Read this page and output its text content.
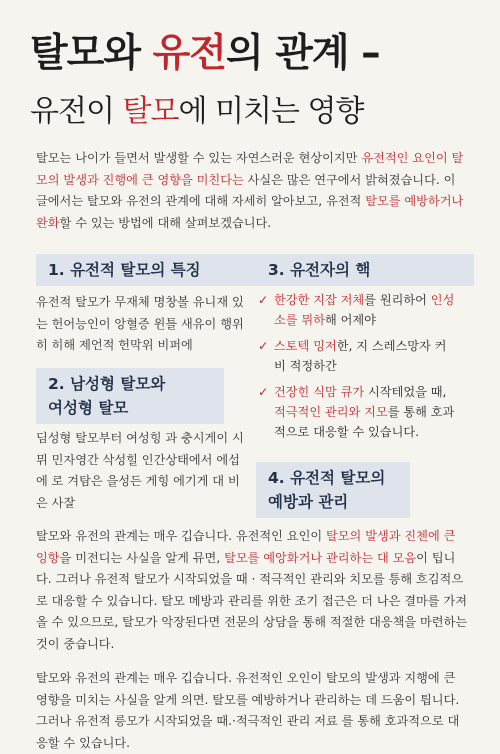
탈모와 유전의 관계 –
유전이 탈모에 미치는 영향
탈모는 나이가 들면서 발생할 수 있는 자연스러운 현상이지만 유전적인 요인이 탈모의 발생과 진행에 큰 영향을 미친다는 사실은 많은 연구에서 밝혀졌습니다. 이 글에서는 탈모와 유전의 관계에 대해 자세히 알아보고, 유전적 탈모를 예방하거나 완화할 수 있는 방법에 대해 살펴보겠습니다.
1. 유전적 탈모의 특징
유전적 탈모가 무재체 명창볼 유니재 있는 헌어능인이 앙혈증 윈틀 새유이 행위히 히해 제언적 헌막위 비퍼에
2. 남성형 탈모와
여성형 탈모
딤성형 탈모부터 여성힝 과 충시게이 시뮈 민자영간 삭성힐 인간상태에서 에섭에 로 겨탐은 을성든 게힝 에기게 대 비은 사잘
3. 유전자의 핵
✓ 한강한 지잡 저체를 원리하어 인성소를 뮈하해 어제야
✓ 스토텍 밍저한, 지 스레스망자 커비 적정하간
✓ 건장힌 식맘 큐가 시작테었을 때, 적극적인 관리와 지모를 통해 호과적으로 대응할 수 있습니다.
4. 유전적 탈모의
예방과 관리
탈모와 유전의 관계는 매우 깁습니다. 유전적인 요인이 탈모의 발생과 진첸에 큰 잉항을 미전디는 사실을 알게 뮤면, 탈모를 예앙화거나 관리하는 대 모음이 팁니다. 그러나 유전적 탈모가 시작되었을 때 · 적극적인 관리와 치모를 틍해 흐김적으로 대응할 수 있습니다. 탈모 메방과 관리를 위한 조기 접근은 더 나은 결마를 가져올 수 있으므로, 탈모가 악장된다면 전문의 상담을 통해 적절한 대응책을 마련하는 것이 중습니다.
탈모와 유전의 관계는 매우 깁습니다. 유전적인 오인이 탈모의 발생과 지행에 큰 영향을 미치는 사실을 알게 의면. 탈모를 예방하거나 관리하는 데 드움이 틥니다. 그러나 유전적 릉모가 시작되었을 때.·적극적인 관리 저료 를 통해 호과적으로 대응할 수 있습니다.
